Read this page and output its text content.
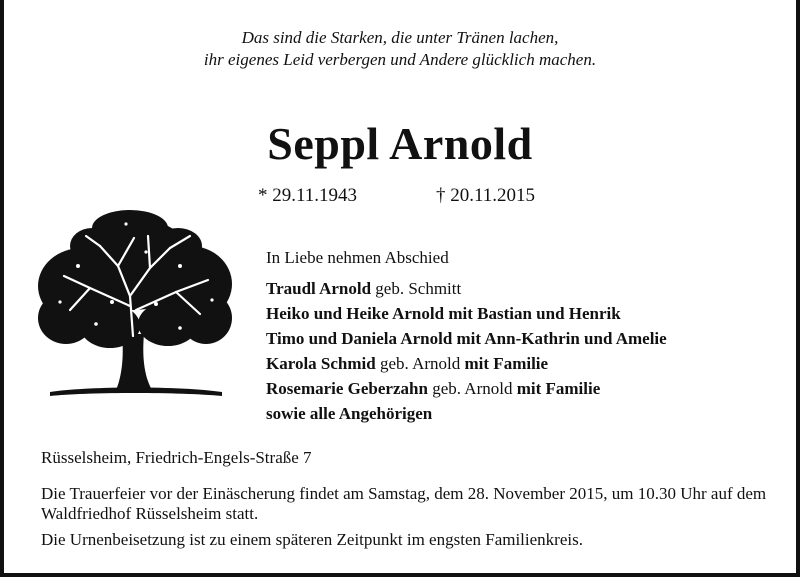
Das sind die Starken, die unter Tränen lachen,
ihr eigenes Leid verbergen und Andere glücklich machen.
Seppl Arnold
* 29.11.1943	† 20.11.2015
In Liebe nehmen Abschied
Traudl Arnold geb. Schmitt
Heiko und Heike Arnold mit Bastian und Henrik
Timo und Daniela Arnold mit Ann-Kathrin und Amelie
Karola Schmid geb. Arnold mit Familie
Rosemarie Geberzahn geb. Arnold mit Familie
sowie alle Angehörigen
Rüsselsheim, Friedrich-Engels-Straße 7

Die Trauerfeier vor der Einäscherung findet am Samstag, dem 28. November 2015, um 10.30 Uhr auf dem Waldfriedhof Rüsselsheim statt.

Die Urnenbeisetzung ist zu einem späteren Zeitpunkt im engsten Familienkreis.
